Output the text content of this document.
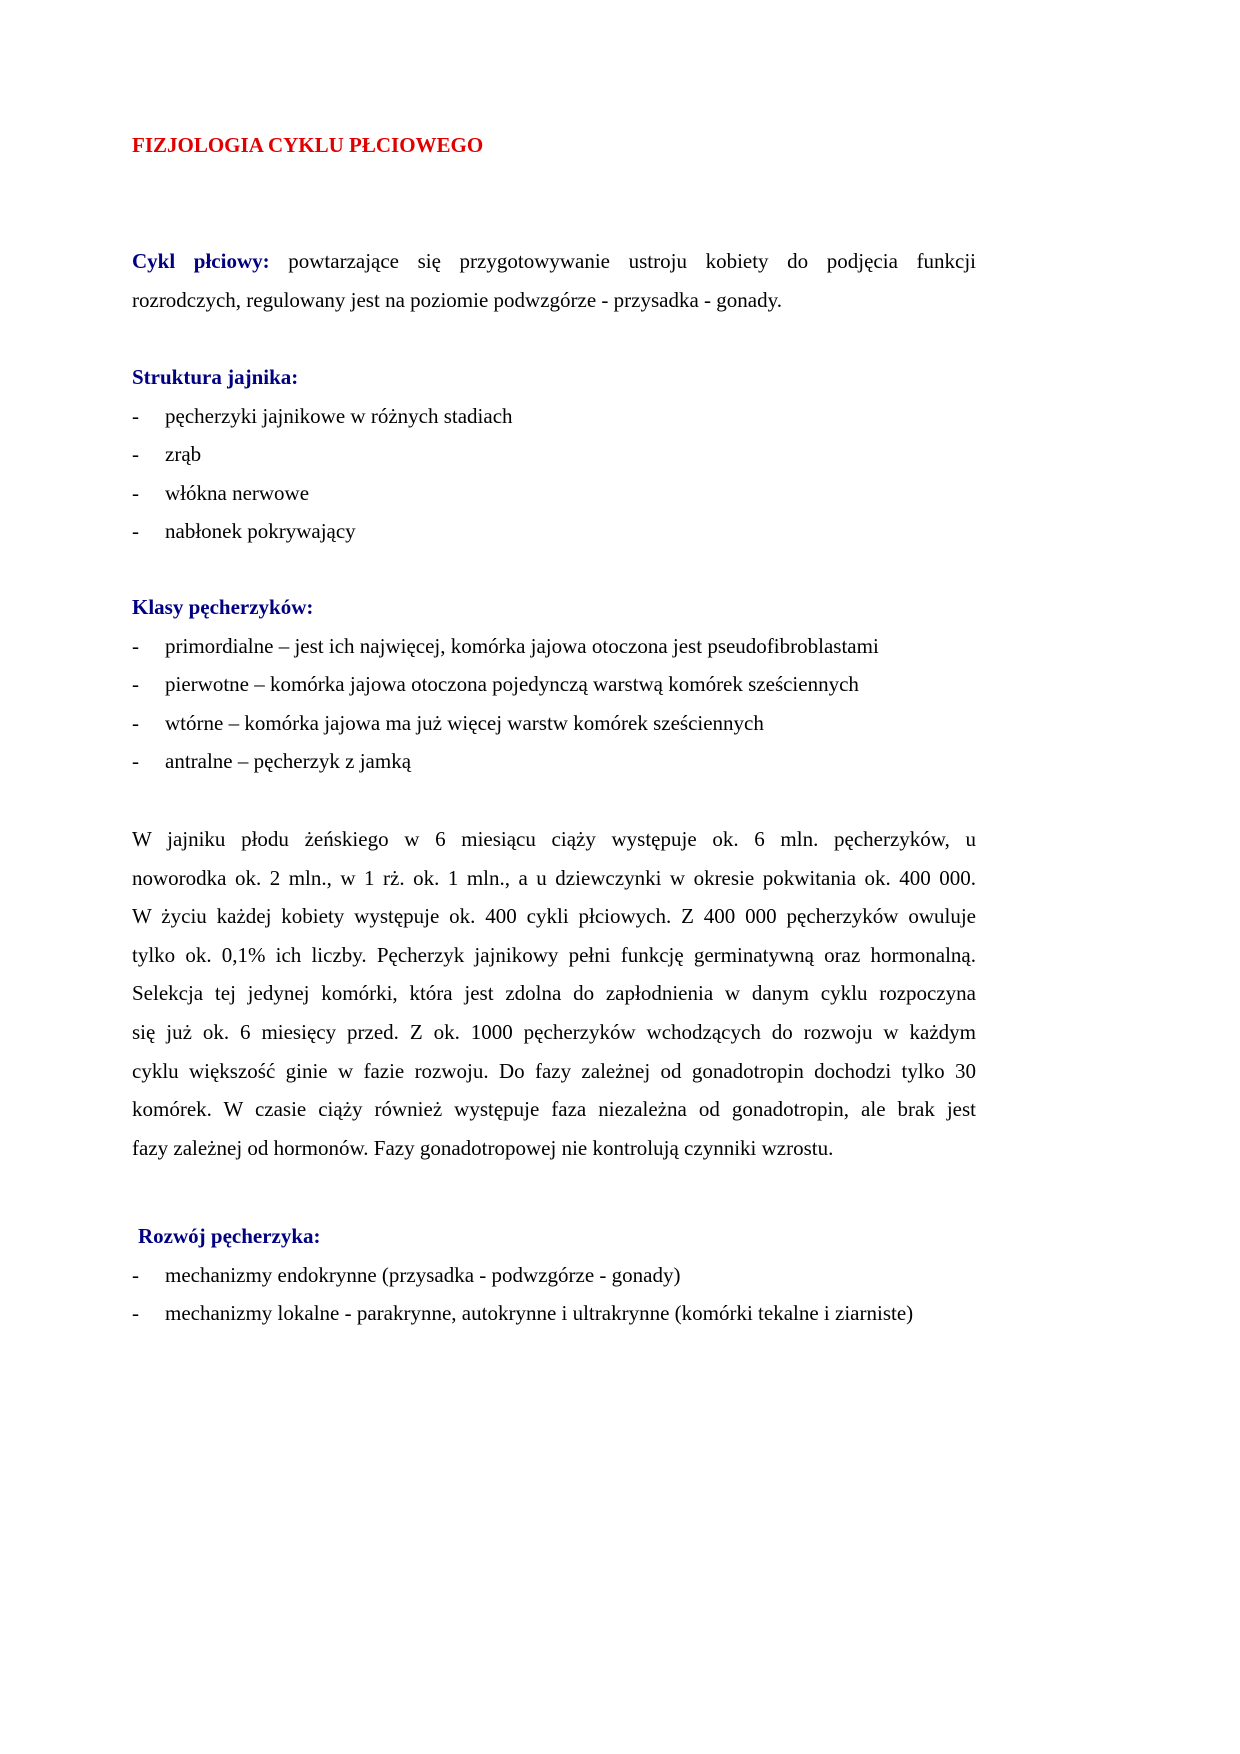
FIZJOLOGIA CYKLU PŁCIOWEGO
Cykl płciowy: powtarzające się przygotowywanie ustroju kobiety do podjęcia funkcji
rozrodczych, regulowany jest na poziomie podwzgórze - przysadka - gonady.
Struktura jajnika:
-	pęcherzyki jajnikowe w różnych stadiach
-	zrąb
-	włókna nerwowe
-	nabłonek pokrywający
Klasy pęcherzyków:
-	primordialne – jest ich najwięcej, komórka jajowa otoczona jest pseudofibroblastami
-	pierwotne – komórka jajowa otoczona pojedynczą warstwą komórek sześciennych
-	wtórne – komórka jajowa ma już więcej warstw komórek sześciennych
-	antralne – pęcherzyk z jamką
W jajniku płodu żeńskiego w 6 miesiącu ciąży występuje ok. 6 mln. pęcherzyków, u
noworodka ok. 2 mln., w 1 rż. ok. 1 mln., a u dziewczynki w okresie pokwitania ok. 400 000.
W życiu każdej kobiety występuje ok. 400 cykli płciowych. Z 400 000 pęcherzyków owuluje
tylko ok. 0,1% ich liczby. Pęcherzyk jajnikowy pełni funkcję germinatywną oraz hormonalną.
Selekcja tej jedynej komórki, która jest zdolna do zapłodnienia w danym cyklu rozpoczyna
się już ok. 6 miesięcy przed. Z ok. 1000 pęcherzyków wchodzących do rozwoju w każdym
cyklu większość ginie w fazie rozwoju. Do fazy zależnej od gonadotropin dochodzi tylko 30
komórek. W czasie ciąży również występuje faza niezależna od gonadotropin, ale brak jest
fazy zależnej od hormonów. Fazy gonadotropowej nie kontrolują czynniki wzrostu.
Rozwój pęcherzyka:
-	mechanizmy endokrynne (przysadka - podwzgórze - gonady)
-	mechanizmy lokalne - parakrynne, autokrynne i ultrakrynne (komórki tekalne i ziarniste)
